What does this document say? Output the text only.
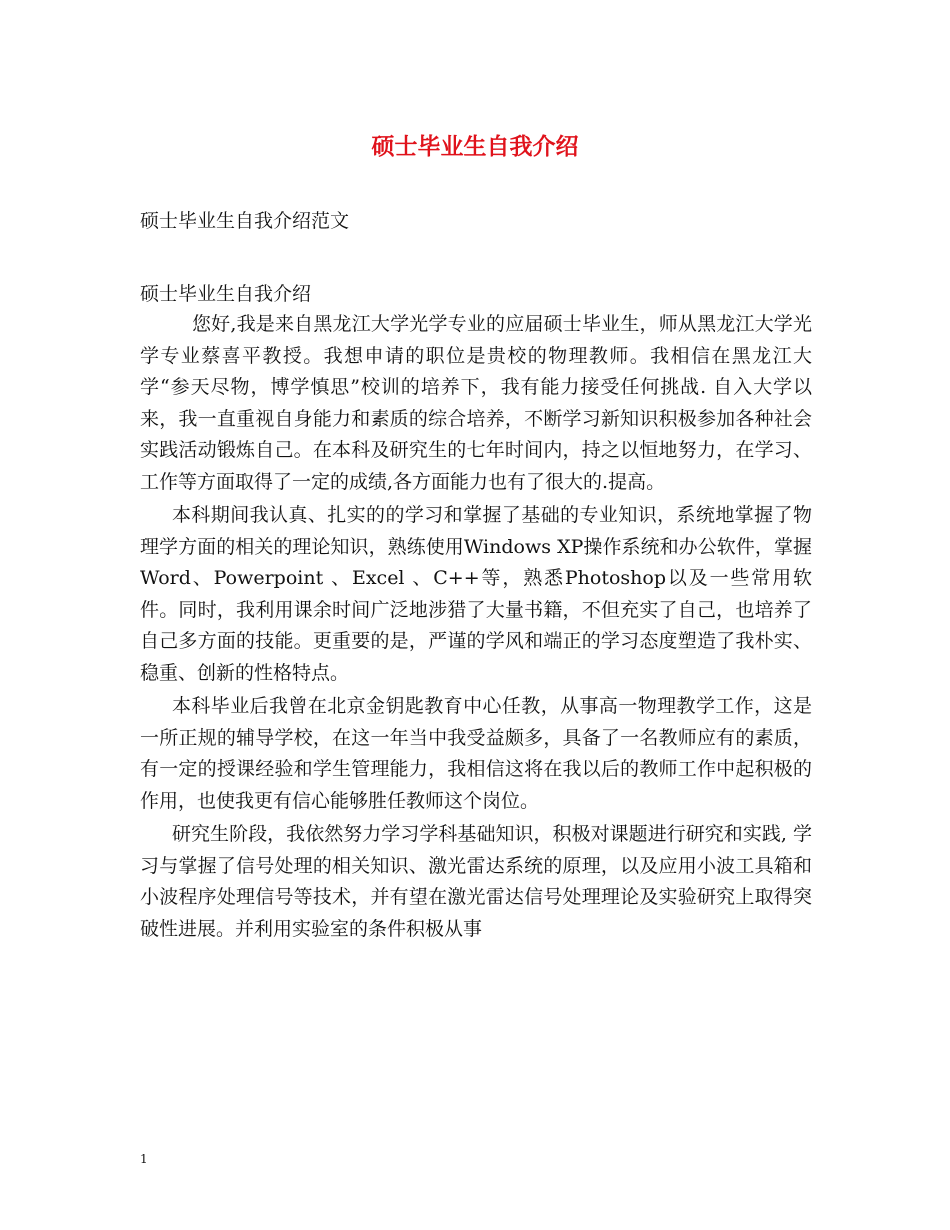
硕士毕业生自我介绍

硕士毕业生自我介绍范文

硕士毕业生自我介绍

您好,我是来自黑龙江大学光学专业的应届硕士毕业生，师从黑龙江大学光学专业蔡喜平教授。我想申请的职位是贵校的物理教师。我相信在黑龙江大学“参天尽物，博学慎思”校训的培养下，我有能力接受任何挑战. 自入大学以来，我一直重视自身能力和素质的综合培养，不断学习新知识积极参加各种社会实践活动锻炼自己。在本科及研究生的七年时间内，持之以恒地努力，在学习、工作等方面取得了一定的成绩,各方面能力也有了很大的.提高。

本科期间我认真、扎实的的学习和掌握了基础的专业知识，系统地掌握了物理学方面的相关的理论知识，熟练使用Windows XP操作系统和办公软件，掌握Word、Powerpoint 、Excel 、C++等，熟悉Photoshop以及一些常用软件。同时，我利用课余时间广泛地涉猎了大量书籍，不但充实了自己，也培养了自己多方面的技能。更重要的是，严谨的学风和端正的学习态度塑造了我朴实、稳重、创新的性格特点。

本科毕业后我曾在北京金钥匙教育中心任教，从事高一物理教学工作，这是一所正规的辅导学校，在这一年当中我受益颇多，具备了一名教师应有的素质，有一定的授课经验和学生管理能力，我相信这将在我以后的教师工作中起积极的作用，也使我更有信心能够胜任教师这个岗位。

研究生阶段，我依然努力学习学科基础知识，积极对课题进行研究和实践, 学习与掌握了信号处理的相关知识、激光雷达系统的原理，以及应用小波工具箱和小波程序处理信号等技术，并有望在激光雷达信号处理理论及实验研究上取得突破性进展。并利用实验室的条件积极从事

1
